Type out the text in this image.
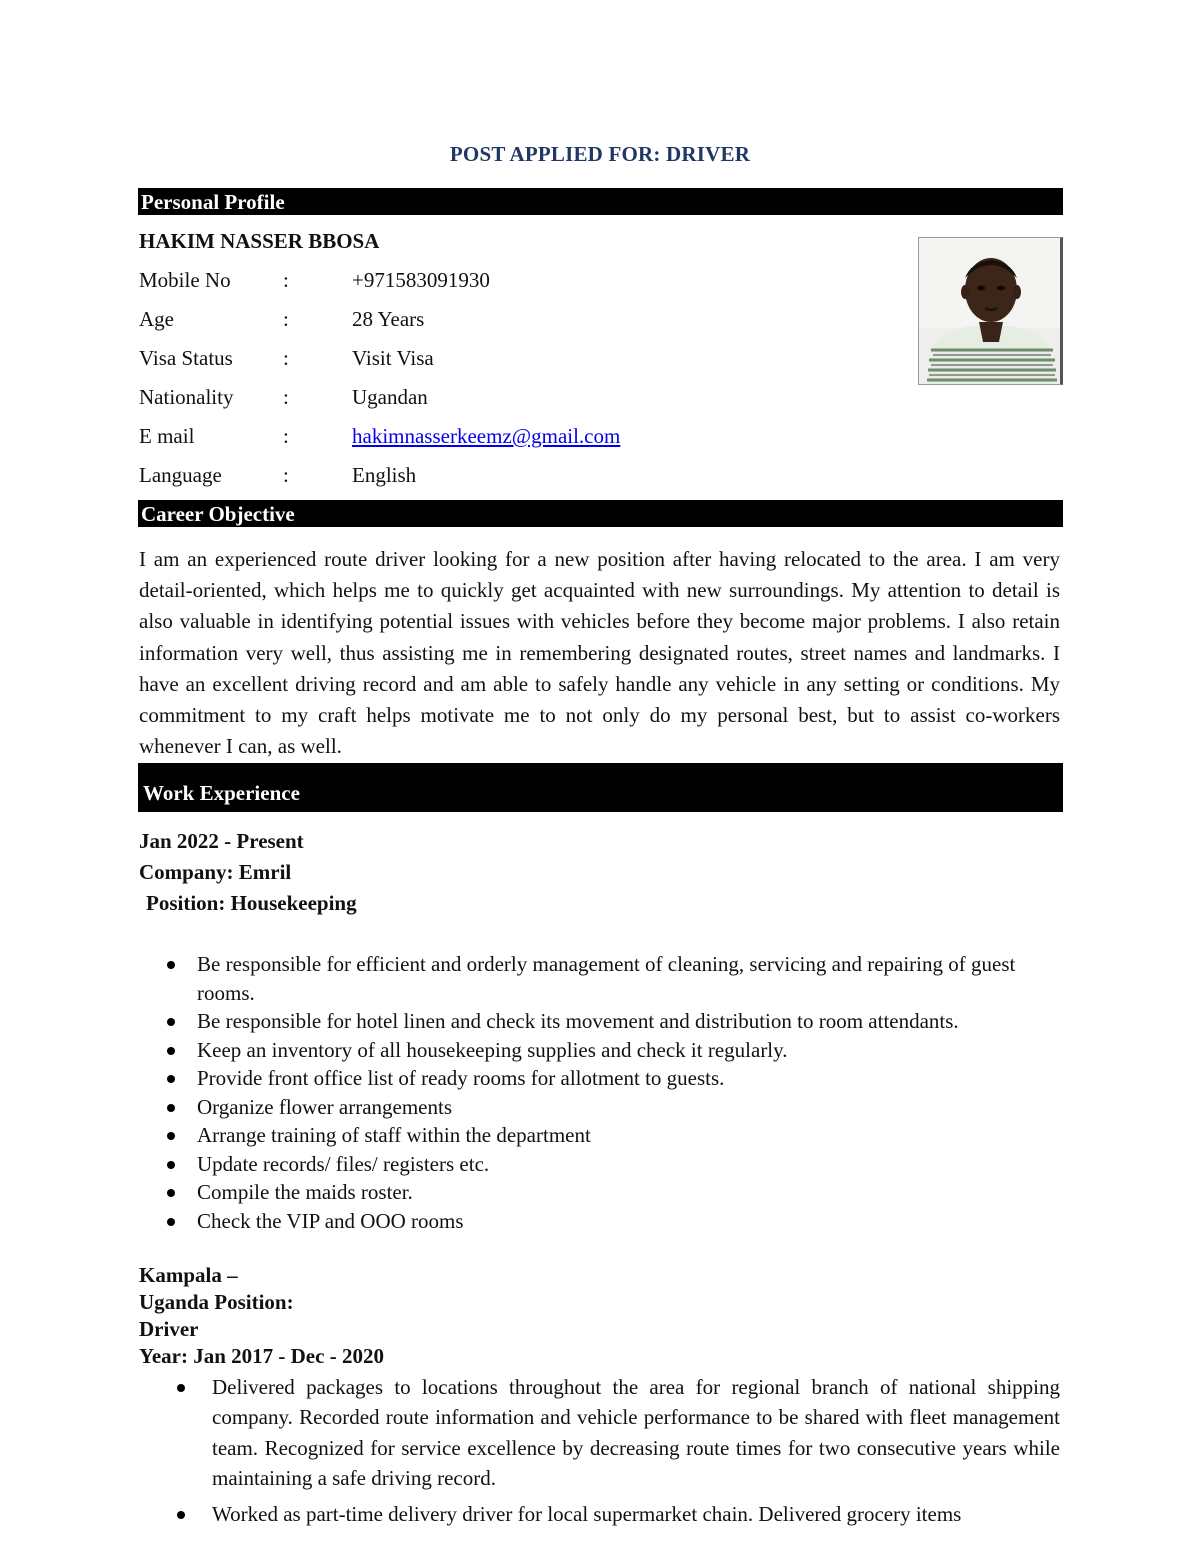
POST APPLIED FOR: DRIVER
Personal Profile
HAKIM NASSER BBOSA
Mobile No	:	+971583091930
Age	:	28 Years
Visa Status	:	Visit Visa
Nationality	:	Ugandan
E mail	:	hakimnasserkeemz@gmail.com
Language	:	English
Career Objective
I am an experienced route driver looking for a new position after having relocated to the area. I am very detail-oriented, which helps me to quickly get acquainted with new surroundings. My attention to detail is also valuable in identifying potential issues with vehicles before they become major problems. I also retain information very well, thus assisting me in remembering designated routes, street names and landmarks. I have an excellent driving record and am able to safely handle any vehicle in any setting or conditions. My commitment to my craft helps motivate me to not only do my personal best, but to assist co-workers whenever I can, as well.
Work Experience
Jan 2022 - Present
Company: Emril
Position: Housekeeping
Be responsible for efficient and orderly management of cleaning, servicing and repairing of guest rooms.
Be responsible for hotel linen and check its movement and distribution to room attendants.
Keep an inventory of all housekeeping supplies and check it regularly.
Provide front office list of ready rooms for allotment to guests.
Organize flower arrangements
Arrange training of staff within the department
Update records/ files/ registers etc.
Compile the maids roster.
Check the VIP and OOO rooms
Kampala –
Uganda Position:
Driver
Year: Jan 2017 - Dec - 2020
Delivered packages to locations throughout the area for regional branch of national shipping company. Recorded route information and vehicle performance to be shared with fleet management team. Recognized for service excellence by decreasing route times for two consecutive years while maintaining a safe driving record.
Worked as part-time delivery driver for local supermarket chain. Delivered grocery items
